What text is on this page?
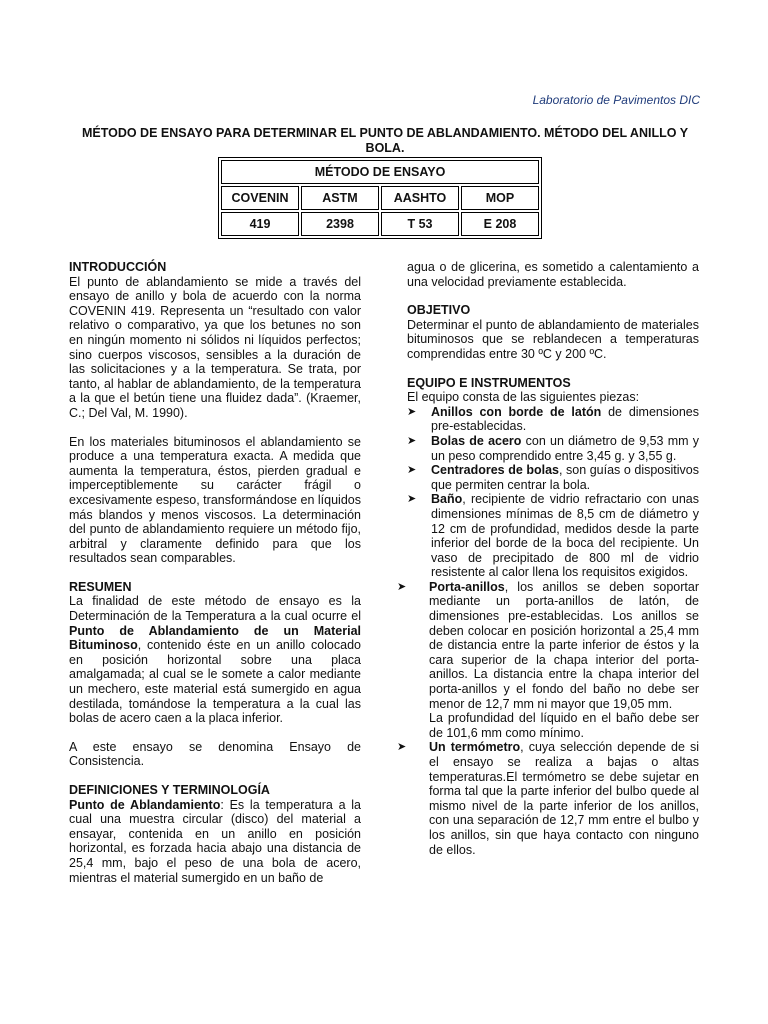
Laboratorio de Pavimentos DIC
MÉTODO DE ENSAYO PARA DETERMINAR EL PUNTO DE ABLANDAMIENTO. MÉTODO DEL ANILLO Y BOLA.
MÉTODO DE ENSAYO			
COVENIN	ASTM	AASHTO	MOP
419	2398	T 53	E 208
INTRODUCCIÓN

El punto de ablandamiento se mide a través del ensayo de anillo y bola de acuerdo con la norma COVENIN 419. Representa un “resultado con valor relativo o comparativo, ya que los betunes no son en ningún momento ni sólidos ni líquidos perfectos; sino cuerpos viscosos, sensibles a la duración de las solicitaciones y a la temperatura. Se trata, por tanto, al hablar de ablandamiento, de la temperatura a la que el betún tiene una fluidez dada”. (Kraemer, C.; Del Val, M. 1990).

En los materiales bituminosos el ablandamiento se produce a una temperatura exacta. A medida que aumenta la temperatura, éstos, pierden gradual e imperceptiblemente su carácter frágil o excesivamente espeso, transformándose en líquidos más blandos y menos viscosos. La determinación del punto de ablandamiento requiere un método fijo, arbitral y claramente definido para que los resultados sean comparables.

RESUMEN

La finalidad de este método de ensayo es la Determinación de la Temperatura a la cual ocurre el Punto de Ablandamiento de un Material Bituminoso, contenido éste en un anillo colocado en posición horizontal sobre una placa amalgamada; al cual se le somete a calor mediante un mechero, este material está sumergido en agua destilada, tomándose la temperatura a la cual las bolas de acero caen a la placa inferior.

A este ensayo se denomina Ensayo de Consistencia.

DEFINICIONES Y TERMINOLOGÍA

Punto de Ablandamiento: Es la temperatura a la cual una muestra circular (disco) del material a ensayar, contenida en un anillo en posición horizontal, es forzada hacia abajo una distancia de 25,4 mm, bajo el peso de una bola de acero, mientras el material sumergido en un baño de

agua o de glicerina, es sometido a calentamiento a una velocidad previamente establecida.

OBJETIVO

Determinar el punto de ablandamiento de materiales bituminosos que se reblandecen a temperaturas comprendidas entre 30 ºC y 200 ºC.

EQUIPO E INSTRUMENTOS
El equipo consta de las siguientes piezas:
➤ Anillos con borde de latón de dimensiones pre-establecidas.
➤ Bolas de acero con un diámetro de 9,53 mm y un peso comprendido entre 3,45 g. y 3,55 g.
➤ Centradores de bolas, son guías o dispositivos que permiten centrar la bola.
➤ Baño, recipiente de vidrio refractario con unas dimensiones mínimas de 8,5 cm de diámetro y 12 cm de profundidad, medidos desde la parte inferior del borde de la boca del recipiente. Un vaso de precipitado de 800 ml de vidrio resistente al calor llena los requisitos exigidos.
➤ Porta-anillos, los anillos se deben soportar mediante un porta-anillos de latón, de dimensiones pre-establecidas. Los anillos se deben colocar en posición horizontal a 25,4 mm de distancia entre la parte inferior de éstos y la cara superior de la chapa interior del porta-anillos. La distancia entre la chapa interior del porta-anillos y el fondo del baño no debe ser menor de 12,7 mm ni mayor que 19,05 mm.
La profundidad del líquido en el baño debe ser de 101,6 mm como mínimo.
➤ Un termómetro, cuya selección depende de si el ensayo se realiza a bajas o altas temperaturas.El termómetro se debe sujetar en forma tal que la parte inferior del bulbo quede al mismo nivel de la parte inferior de los anillos, con una separación de 12,7 mm entre el bulbo y los anillos, sin que haya contacto con ninguno de ellos.
